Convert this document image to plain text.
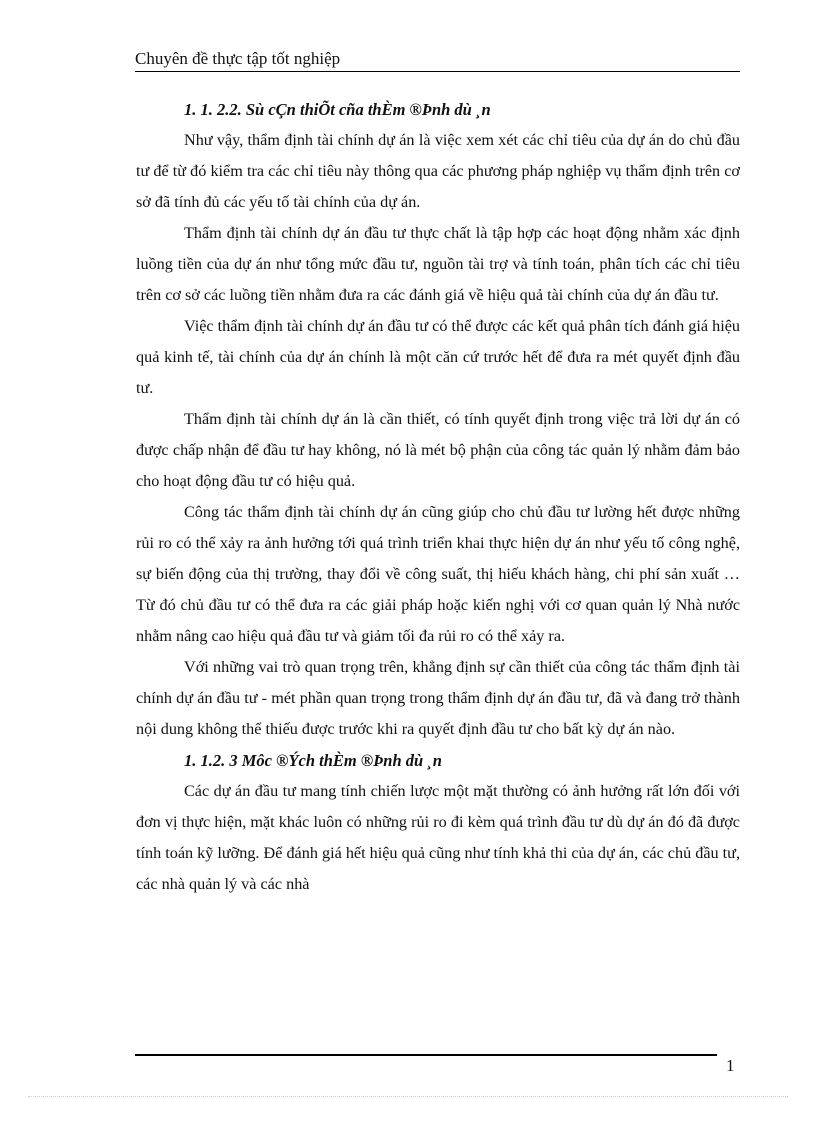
Chuyên đề thực tập tốt nghiệp
1. 1. 2.2. Sù cÇn thiÕt cña thÈm ®Þnh dù ¸n

Như vậy, thẩm định tài chính dự án là việc xem xét các chỉ tiêu của dự án do chủ đầu tư để từ đó kiểm tra các chỉ tiêu này thông qua các phương pháp nghiệp vụ thẩm định trên cơ sở đã tính đủ các yếu tố tài chính của dự án.

Thẩm định tài chính dự án đầu tư thực chất là tập hợp các hoạt động nhằm xác định luồng tiền của dự án như tổng mức đầu tư, nguồn tài trợ và tính toán, phân tích các chỉ tiêu trên cơ sở các luồng tiền nhằm đưa ra các đánh giá về hiệu quả tài chính của dự án đầu tư.

Việc thẩm định tài chính dự án đầu tư có thể được các kết quả phân tích đánh giá hiệu quả kinh tế, tài chính của dự án chính là một căn cứ trước hết để đưa ra mét quyết định đầu tư.

Thẩm định tài chính dự án là cần thiết, có tính quyết định trong việc trả lời dự án có được chấp nhận để đầu tư hay không, nó là mét bộ phận của công tác quản lý nhằm đảm bảo cho hoạt động đầu tư có hiệu quả.

Công tác thẩm định tài chính dự án cũng giúp cho chủ đầu tư lường hết được những rủi ro có thể xảy ra ảnh hưởng tới quá trình triển khai thực hiện dự án như yếu tố công nghệ, sự biến động của thị trường, thay đổi về công suất, thị hiếu khách hàng, chi phí sản xuất …Từ đó chủ đầu tư có thể đưa ra các giải pháp hoặc kiến nghị với cơ quan quản lý Nhà nước nhằm nâng cao hiệu quả đầu tư và giảm tối đa rủi ro có thể xảy ra.

Với những vai trò quan trọng trên, khẳng định sự cần thiết của công tác thẩm định tài chính dự án đầu tư - mét phần quan trọng trong thẩm định dự án đầu tư, đã và đang trở thành nội dung không thể thiếu được trước khi ra quyết định đầu tư cho bất kỳ dự án nào.

1. 1.2. 3 Môc ®Ých thÈm ®Þnh dù ¸n

Các dự án đầu tư mang tính chiến lược một mặt thường có ảnh hưởng rất lớn đối với đơn vị thực hiện, mặt khác luôn có những rủi ro đi kèm quá trình đầu tư dù dự án đó đã được tính toán kỹ lưỡng. Để đánh giá hết hiệu quả cũng như tính khả thi của dự án, các chủ đầu tư, các nhà quản lý và các nhà

1
